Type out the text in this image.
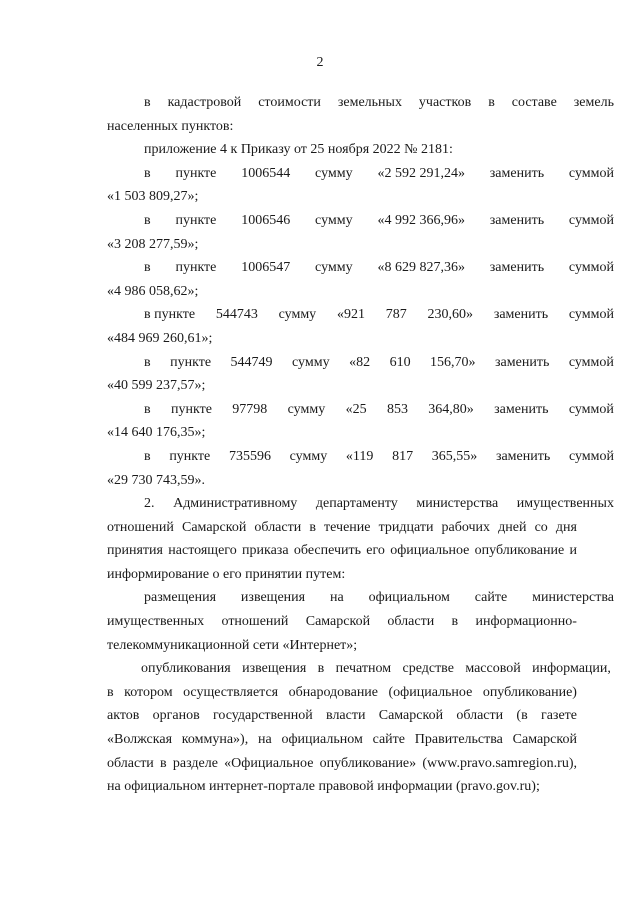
2
в кадастровой стоимости земельных участков в составе земель
населенных пунктов:
приложение 4 к Приказу от 25 ноября 2022 № 2181:
в пункте 1006544 сумму «2 592 291,24» заменить суммой
«1 503 809,27»;
в пункте 1006546 сумму «4 992 366,96» заменить суммой
«3 208 277,59»;
в пункте 1006547 сумму «8 629 827,36» заменить суммой
«4 986 058,62»;
в пункте 544743 сумму «921 787 230,60» заменить суммой
«484 969 260,61»;
в пункте 544749 сумму «82 610 156,70» заменить суммой
«40 599 237,57»;
в пункте 97798 сумму «25 853 364,80» заменить суммой
«14 640 176,35»;
в пункте 735596 сумму «119 817 365,55» заменить суммой
«29 730 743,59».
2. Административному департаменту министерства имущественных
отношений Самарской области в течение тридцати рабочих дней со дня
принятия настоящего приказа обеспечить его официальное опубликование и
информирование о его принятии путем:
размещения извещения на официальном сайте министерства
имущественных отношений Самарской области в информационно-
телекоммуникационной сети «Интернет»;
опубликования извещения в печатном средстве массовой информации,
в котором осуществляется обнародование (официальное опубликование)
актов органов государственной власти Самарской области (в газете
«Волжская коммуна»), на официальном сайте Правительства Самарской
области в разделе «Официальное опубликование» (www.pravo.samregion.ru),
на официальном интернет-портале правовой информации (pravo.gov.ru);
